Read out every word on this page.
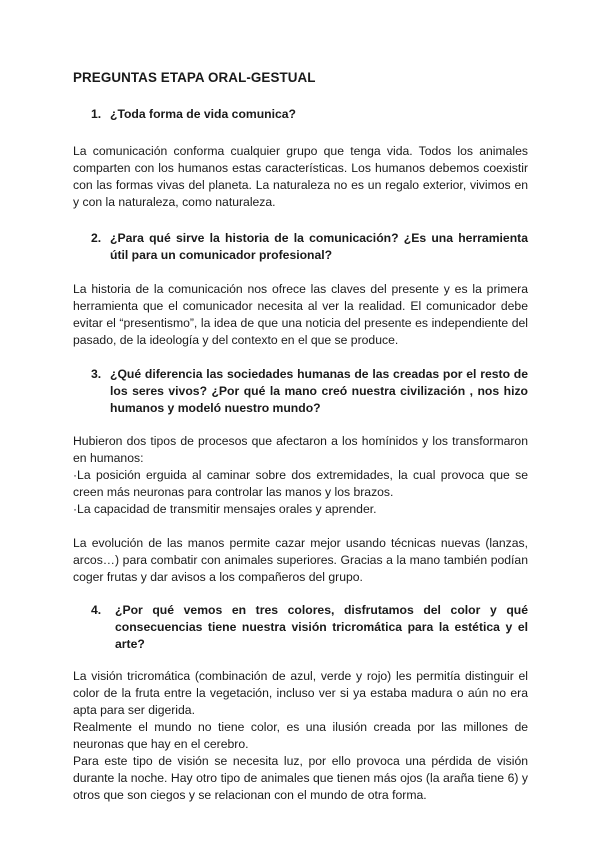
PREGUNTAS ETAPA ORAL-GESTUAL
1. ¿Toda forma de vida comunica?

La comunicación conforma cualquier grupo que tenga vida. Todos los animales comparten con los humanos estas características. Los humanos debemos coexistir con las formas vivas del planeta. La naturaleza no es un regalo exterior, vivimos en y con la naturaleza, como naturaleza.

2. ¿Para qué sirve la historia de la comunicación? ¿Es una herramienta útil para un comunicador profesional?

La historia de la comunicación nos ofrece las claves del presente y es la primera herramienta que el comunicador necesita al ver la realidad. El comunicador debe evitar el “presentismo”, la idea de que una noticia del presente es independiente del pasado, de la ideología y del contexto en el que se produce.

3. ¿Qué diferencia las sociedades humanas de las creadas por el resto de los seres vivos? ¿Por qué la mano creó nuestra civilización , nos hizo humanos y modeló nuestro mundo?

Hubieron dos tipos de procesos que afectaron a los homínidos y los transformaron en humanos:

·La posición erguida al caminar sobre dos extremidades, la cual provoca que se creen más neuronas para controlar las manos y los brazos.

·La capacidad de transmitir mensajes orales y aprender.

La evolución de las manos permite cazar mejor usando técnicas nuevas (lanzas, arcos…) para combatir con animales superiores. Gracias a la mano también podían coger frutas y dar avisos a los compañeros del grupo.

4.	¿Por qué vemos en tres colores, disfrutamos del color y qué consecuencias tiene nuestra visión tricromática para la estética y el arte?

La visión tricromática (combinación de azul, verde y rojo) les permitía distinguir el color de la fruta entre la vegetación, incluso ver si ya estaba madura o aún no era apta para ser digerida.

Realmente el mundo no tiene color, es una ilusión creada por las millones de neuronas que hay en el cerebro.

Para este tipo de visión se necesita luz, por ello provoca una pérdida de visión durante la noche. Hay otro tipo de animales que tienen más ojos (la araña tiene 6) y otros que son ciegos y se relacionan con el mundo de otra forma.
